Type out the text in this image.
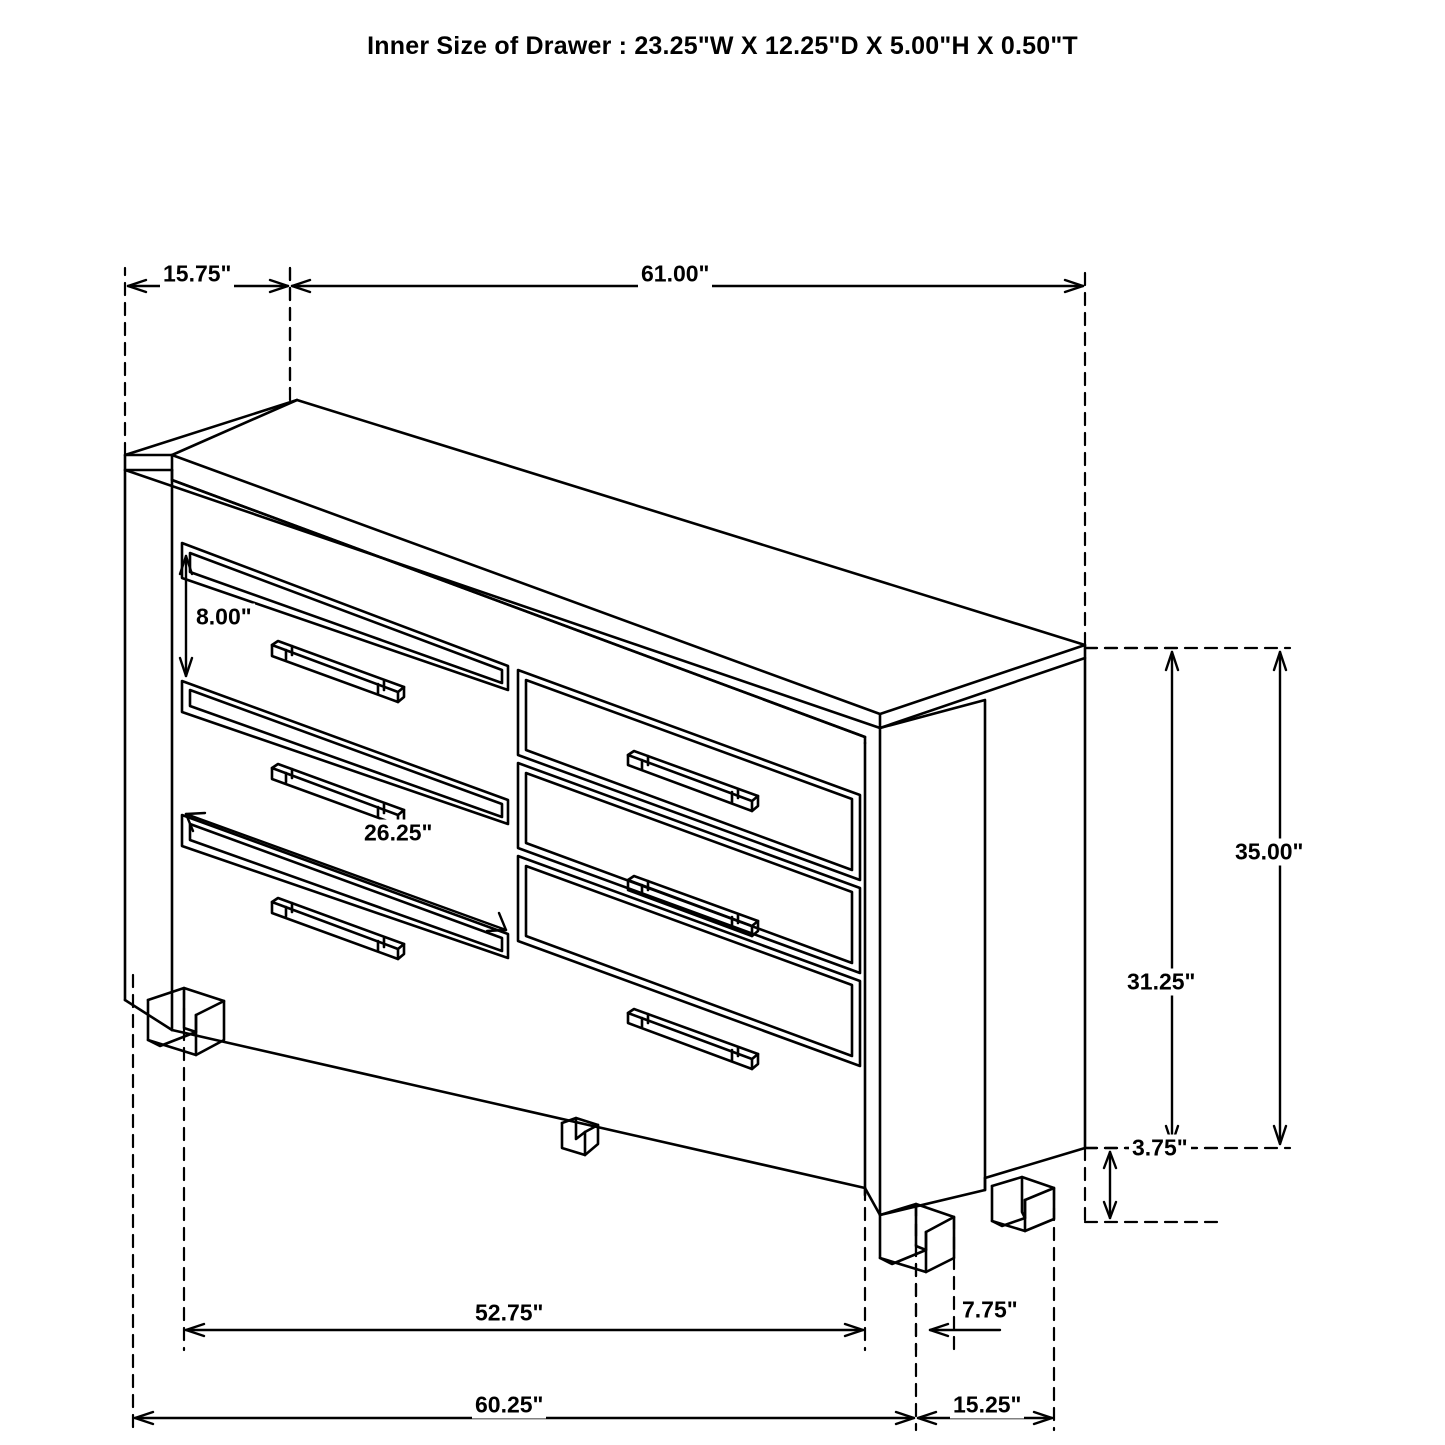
Inner Size of Drawer : 23.25"W X 12.25"D X 5.00"H X 0.50"T
15.75"	61.00"
8.00"
26.25"
35.00"
31.25"
3.75"
52.75"	7.75"
60.25"	15.25"
